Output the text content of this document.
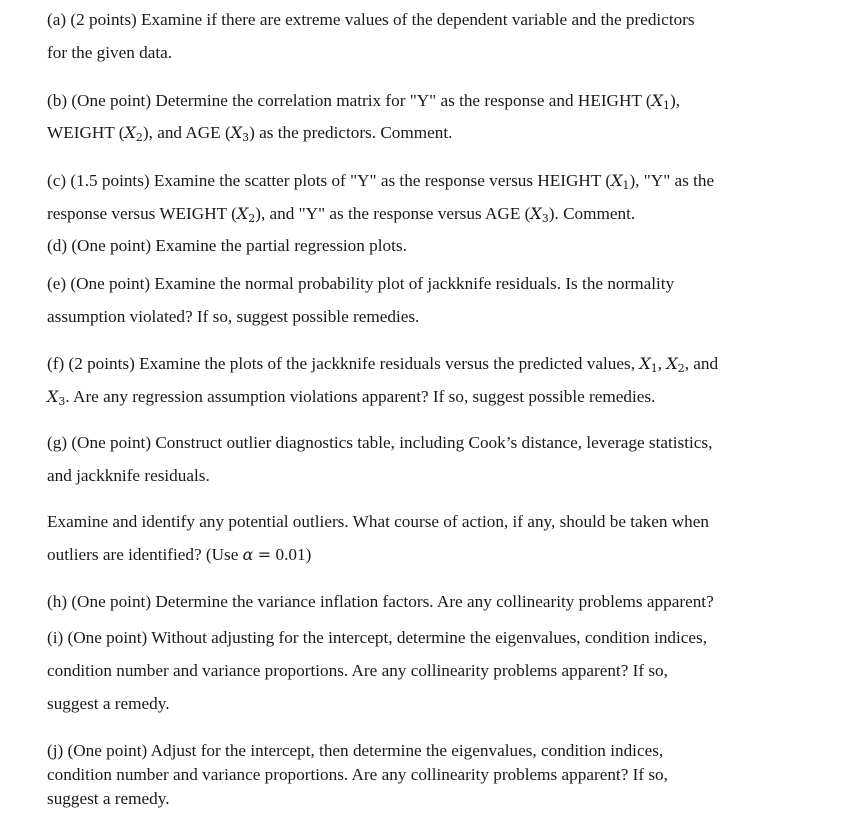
(a) (2 points) Examine if there are extreme values of the dependent variable and the predictors
for the given data.
(b) (One point) Determine the correlation matrix for "Y" as the response and HEIGHT $(X_1)$,
WEIGHT $(X_2)$, and AGE $(X_3)$ as the predictors. Comment.
(c) (1.5 points) Examine the scatter plots of "Y" as the response versus HEIGHT $(X_1)$, "Y" as the
response versus WEIGHT $(X_2)$, and "Y" as the response versus AGE $(X_3)$. Comment.
(d) (One point) Examine the partial regression plots.
(e) (One point) Examine the normal probability plot of jackknife residuals. Is the normality
assumption violated? If so, suggest possible remedies.
(f) (2 points) Examine the plots of the jackknife residuals versus the predicted values, $X_1$, $X_2$, and
$X_3$. Are any regression assumption violations apparent? If so, suggest possible remedies.
(g) (One point) Construct outlier diagnostics table, including Cook’s distance, leverage statistics,
and jackknife residuals.
Examine and identify any potential outliers. What course of action, if any, should be taken when
outliers are identified? (Use α = 0.01)
(h) (One point) Determine the variance inflation factors. Are any collinearity problems apparent?
(i) (One point) Without adjusting for the intercept, determine the eigenvalues, condition indices,
condition number and variance proportions. Are any collinearity problems apparent? If so,
suggest a remedy.
(j) (One point) Adjust for the intercept, then determine the eigenvalues, condition indices,
condition number and variance proportions. Are any collinearity problems apparent? If so,
suggest a remedy.
